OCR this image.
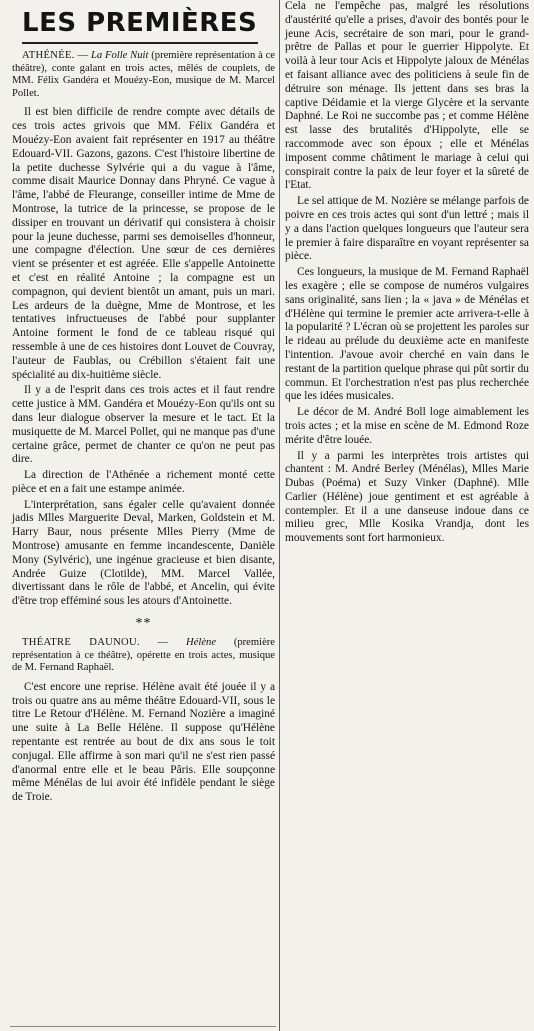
LES PREMIÈRES
ATHÉNÉE. — La Folle Nuit (première représentation à ce théâtre), conte galant en trois actes, mêlés de couplets, de MM. Félix Gandéra et Mouézy-Eon, musique de M. Marcel Pollet.

Il est bien difficile de rendre compte avec détails de ces trois actes grivois que MM. Félix Gandéra et Mouézy-Eon avaient fait représenter en 1917 au théâtre Edouard-VII. Gazons, gazons. C'est l'histoire libertine de la petite duchesse Sylvérie qui a du vague à l'âme, comme disait Maurice Donnay dans Phryné. Ce vague à l'âme, l'abbé de Fleurange, conseiller intime de Mme de Montrose, la tutrice de la princesse, se propose de le dissiper en trouvant un dérivatif qui consistera à choisir pour la jeune duchesse, parmi ses demoiselles d'honneur, une compagne d'élection. Une sœur de ces dernières vient se présenter et est agréée. Elle s'appelle Antoinette et c'est en réalité Antoine ; la compagne est un compagnon, qui devient bientôt un amant, puis un mari. Les ardeurs de la duègne, Mme de Montrose, et les tentatives infructueuses de l'abbé pour supplanter Antoine forment le fond de ce tableau risqué qui ressemble à une de ces histoires dont Louvet de Couvray, l'auteur de Faublas, ou Crébillon s'étaient fait une spécialité au dix-huitième siècle.

Il y a de l'esprit dans ces trois actes et il faut rendre cette justice à MM. Gandéra et Mouézy-Eon qu'ils ont su dans leur dialogue observer la mesure et le tact. Et la musiquette de M. Marcel Pollet, qui ne manque pas d'une certaine grâce, permet de chanter ce qu'on ne peut pas dire.

La direction de l'Athénée a richement monté cette pièce et en a fait une estampe animée.

L'interprétation, sans égaler celle qu'avaient donnée jadis Mlles Marguerite Deval, Marken, Goldstein et M. Harry Baur, nous présente Mlles Pierry (Mme de Montrose) amusante en femme incandescente, Danièle Mony (Sylvéric), une ingénue gracieuse et bien disante, Andrée Guize (Clotilde), MM. Marcel Vallée, divertissant dans le rôle de l'abbé, et Ancelin, qui évite d'être trop efféminé sous les atours d'Antoinette.

**
THÉATRE DAUNOU. — Hélène (première représentation à ce théâtre), opérette en trois actes, musique de M. Fernand Raphaël.

C'est encore une reprise. Hélène avait été jouée il y a trois ou quatre ans au même théâtre Edouard-VII, sous le titre Le Retour d'Hélène. M. Fernand Nozière a imaginé une suite à La Belle Hélène. Il suppose qu'Hélène repentante est rentrée au bout de dix ans sous le toit conjugal. Elle affirme à son mari qu'il ne s'est rien passé d'anormal entre elle et le beau Pâris. Elle soupçonne même Ménélas de lui avoir été infidèle pendant le siège de Troie.

Cela ne l'empêche pas, malgré les résolutions d'austérité qu'elle a prises, d'avoir des bontés pour le jeune Acis, secrétaire de son mari, pour le grand-prêtre de Pallas et pour le guerrier Hippolyte. Et voilà à leur tour Acis et Hippolyte jaloux de Ménélas et faisant alliance avec des politiciens à seule fin de détruire son ménage. Ils jettent dans ses bras la captive Déidamie et la vierge Glycère et la servante Daphné. Le Roi ne succombe pas ; et comme Hélène est lasse des brutalités d'Hippolyte, elle se raccommode avec son époux ; elle et Ménélas imposent comme châtiment le mariage à celui qui conspirait contre la paix de leur foyer et la sûreté de l'Etat.

Le sel attique de M. Nozière se mélange parfois de poivre en ces trois actes qui sont d'un lettré ; mais il y a dans l'action quelques longueurs que l'auteur sera le premier à faire disparaître en voyant représenter sa pièce.

Ces longueurs, la musique de M. Fernand Raphaël les exagère ; elle se compose de numéros vulgaires sans originalité, sans lien ; la « java » de Ménélas et d'Hélène qui termine le premier acte arrivera-t-elle à la popularité ? L'écran où se projettent les paroles sur le rideau au prélude du deuxième acte en manifeste l'intention. J'avoue avoir cherché en vain dans le restant de la partition quelque phrase qui pût sortir du commun. Et l'orchestration n'est pas plus recherchée que les idées musicales.

Le décor de M. André Boll loge aimablement les trois actes ; et la mise en scène de M. Edmond Roze mérite d'être louée.

Il y a parmi les interprètes trois artistes qui chantent : M. André Berley (Ménélas), Mlles Marie Dubas (Poéma) et Suzy Vinker (Daphné). Mlle Carlier (Hélène) joue gentiment et est agréable à contempler. Et il a une danseuse indoue dans ce milieu grec, Mlle Kosika Vrandja, dont les mouvements sont fort harmonieux.
